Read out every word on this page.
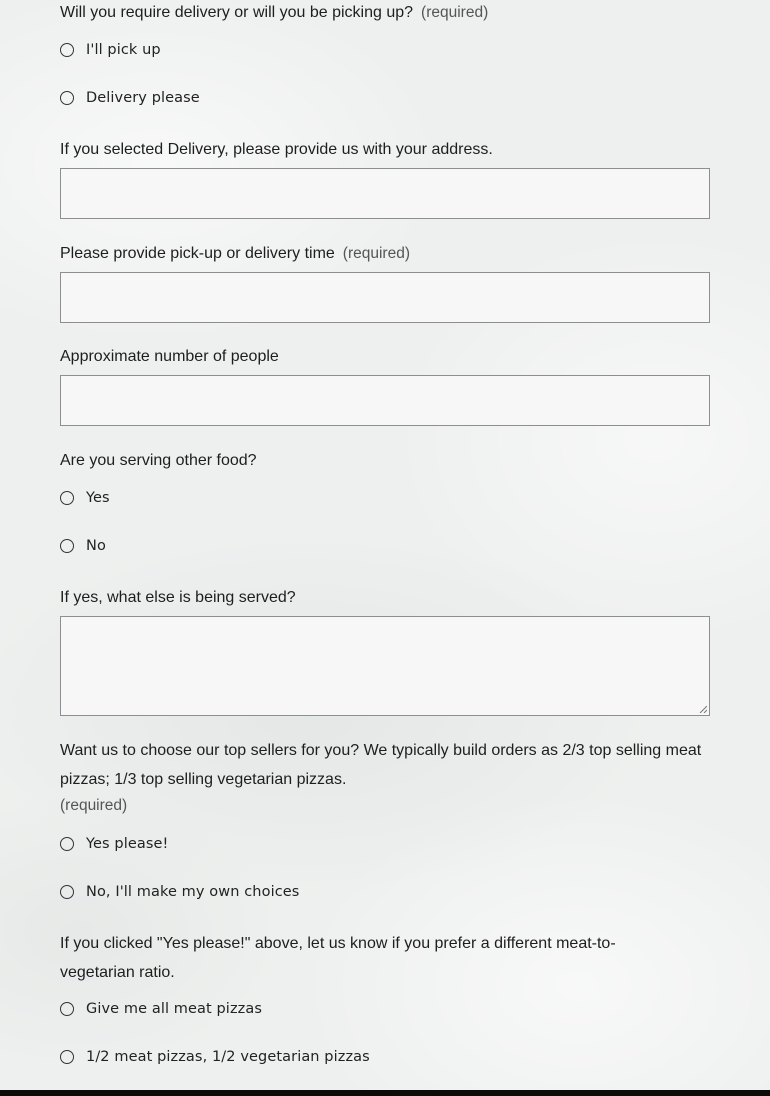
Will you require delivery or will you be picking up? (required)
I'll pick up
Delivery please
If you selected Delivery, please provide us with your address.
Please provide pick-up or delivery time (required)
Approximate number of people
Are you serving other food?
Yes
No
If yes, what else is being served?
Want us to choose our top sellers for you? We typically build orders as 2/3 top selling meat pizzas; 1/3 top selling vegetarian pizzas.
(required)
Yes please!
No, I'll make my own choices
If you clicked "Yes please!" above, let us know if you prefer a different meat-to-vegetarian ratio.
Give me all meat pizzas
1/2 meat pizzas, 1/2 vegetarian pizzas
